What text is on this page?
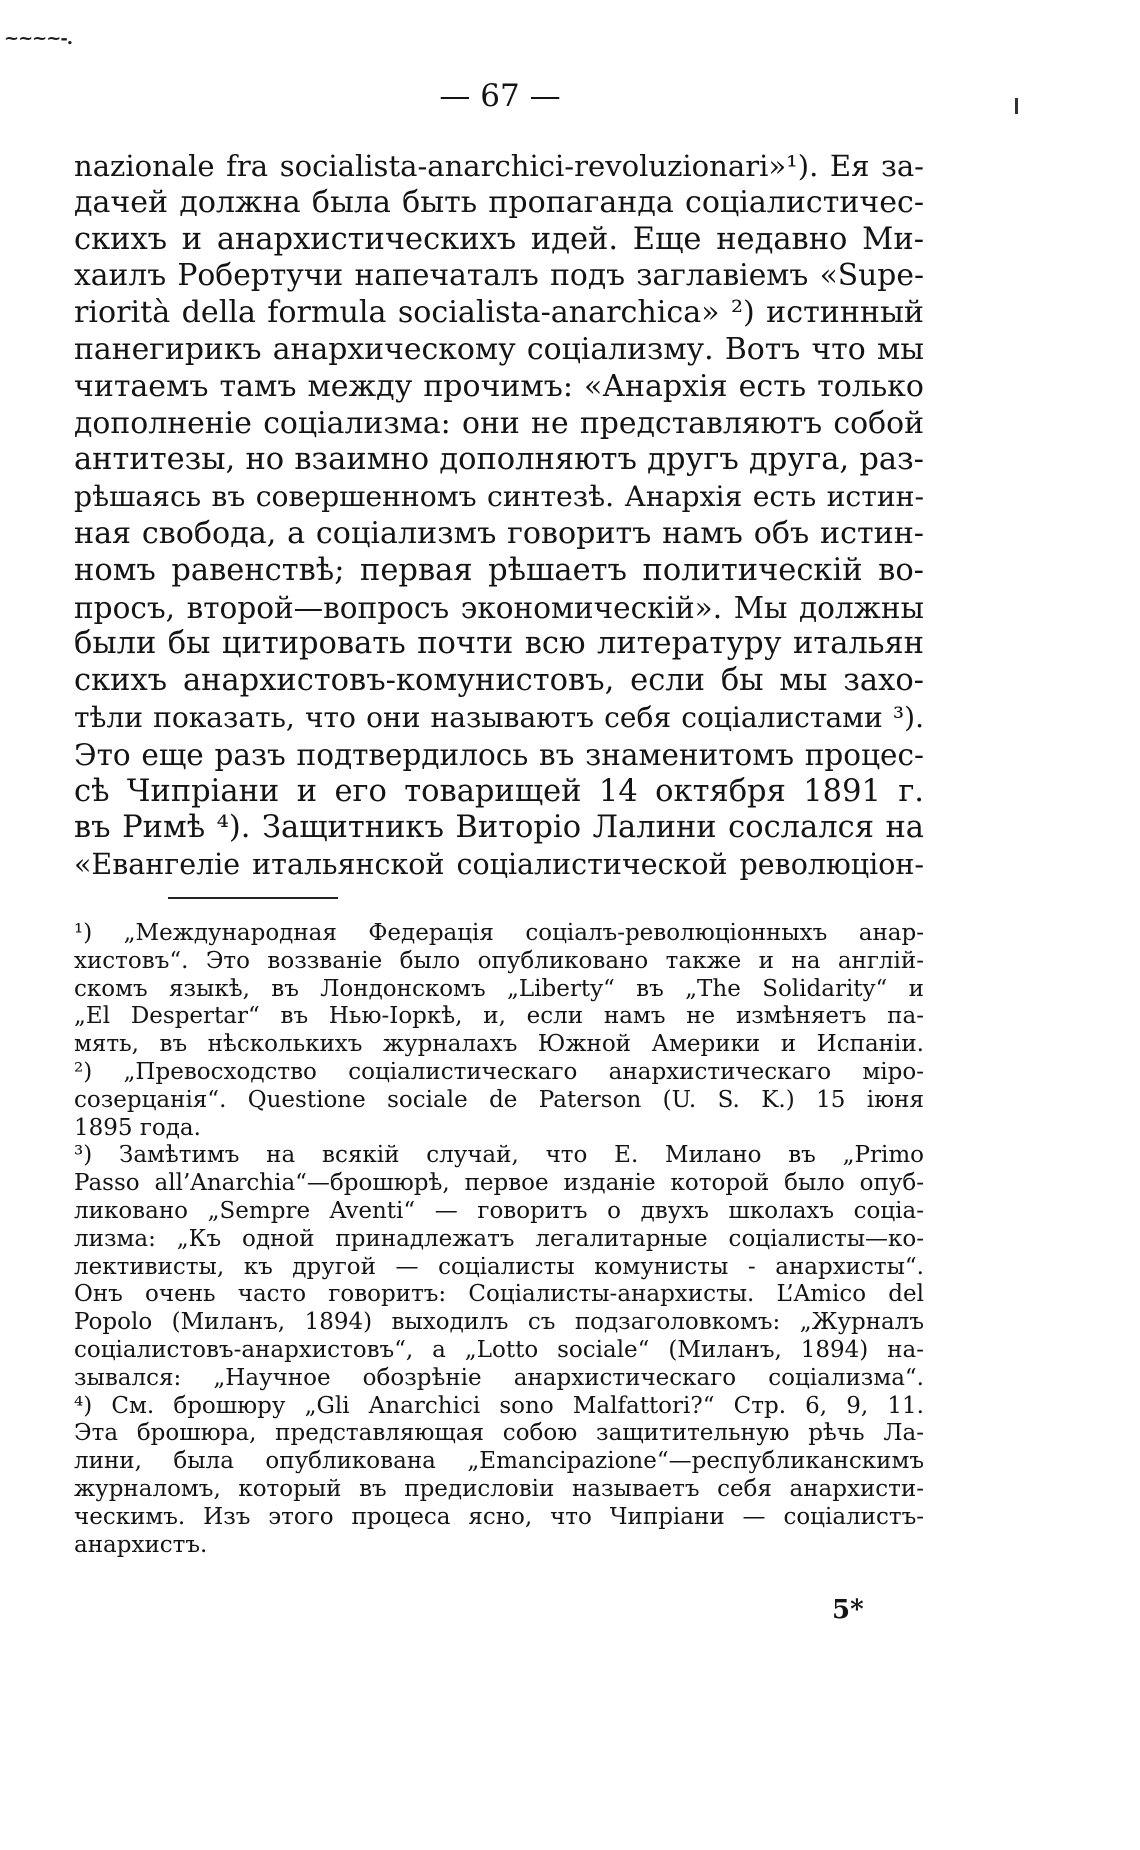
~~~~-.
— 67 —
nazionale fra socialista-anarchici-revoluzionari»¹). Ея за-
дачей должна была быть пропаганда соціалистичес-
скихъ и анархистическихъ идей. Еще недавно Ми-
хаилъ Робертучи напечаталъ подъ заглавіемъ «Supe-
riorità della formula socialista-anarchica» ²) истинный
панегирикъ анархическому соціализму. Вотъ что мы
читаемъ тамъ между прочимъ: «Анархія есть только
дополненіе соціализма: они не представляютъ собой
антитезы, но взаимно дополняютъ другъ друга, раз-
рѣшаясь въ совершенномъ синтезѣ. Анархія есть истин-
ная свобода, а соціализмъ говоритъ намъ объ истин-
номъ равенствѣ; первая рѣшаетъ политическій во-
просъ, второй—вопросъ экономическій». Мы должны
были бы цитировать почти всю литературу итальян
скихъ анархистовъ-комунистовъ, если бы мы захо-
тѣли показать, что они называютъ себя соціалистами ³).
Это еще разъ подтвердилось въ знаменитомъ процес-
сѣ Чипріани и его товарищей 14 октября 1891 г.
въ Римѣ ⁴). Защитникъ Виторіо Лалини сослался на
«Евангеліе итальянской соціалистической революціон-
¹) „Международная Федерація соціалъ-революціонныхъ анар-
хистовъ“. Это воззваніе было опубликовано также и на англій-
скомъ языкѣ, въ Лондонскомъ „Liberty“ въ „The Solidarity“ и
„El Despertar“ въ Нью-Іоркѣ, и, если намъ не измѣняетъ па-
мять, въ нѣсколькихъ журналахъ Южной Америки и Испаніи.
²) „Превосходство соціалистическаго анархистическаго міро-
созерцанія“. Questione sociale de Paterson (U. S. K.) 15 іюня
1895 года.
³) Замѣтимъ на всякій случай, что Е. Милано въ „Primo
Passo all’Anarchia“—брошюрѣ, первое изданіе которой было опуб-
ликовано „Sempre Aventi“ — говоритъ о двухъ школахъ соціа-
лизма: „Къ одной принадлежатъ легалитарные соціалисты—ко-
лективисты, къ другой — соціалисты комунисты - анархисты“.
Онъ очень часто говоритъ: Соціалисты-анархисты. L’Amico del
Popolo (Миланъ, 1894) выходилъ съ подзаголовкомъ: „Журналъ
соціалистовъ-анархистовъ“, а „Lotto sociale“ (Миланъ, 1894) на-
зывался: „Научное обозрѣніе анархистическаго соціализма“.
⁴) См. брошюру „Gli Anarchici sono Malfattori?“ Стр. 6, 9, 11.
Эта брошюра, представляющая собою защитительную рѣчь Ла-
лини, была опубликована „Emancipazione“—республиканскимъ
журналомъ, который въ предисловіи называетъ себя анархисти-
ческимъ. Изъ этого процеса ясно, что Чипріани — соціалистъ-
анархистъ.
5*
